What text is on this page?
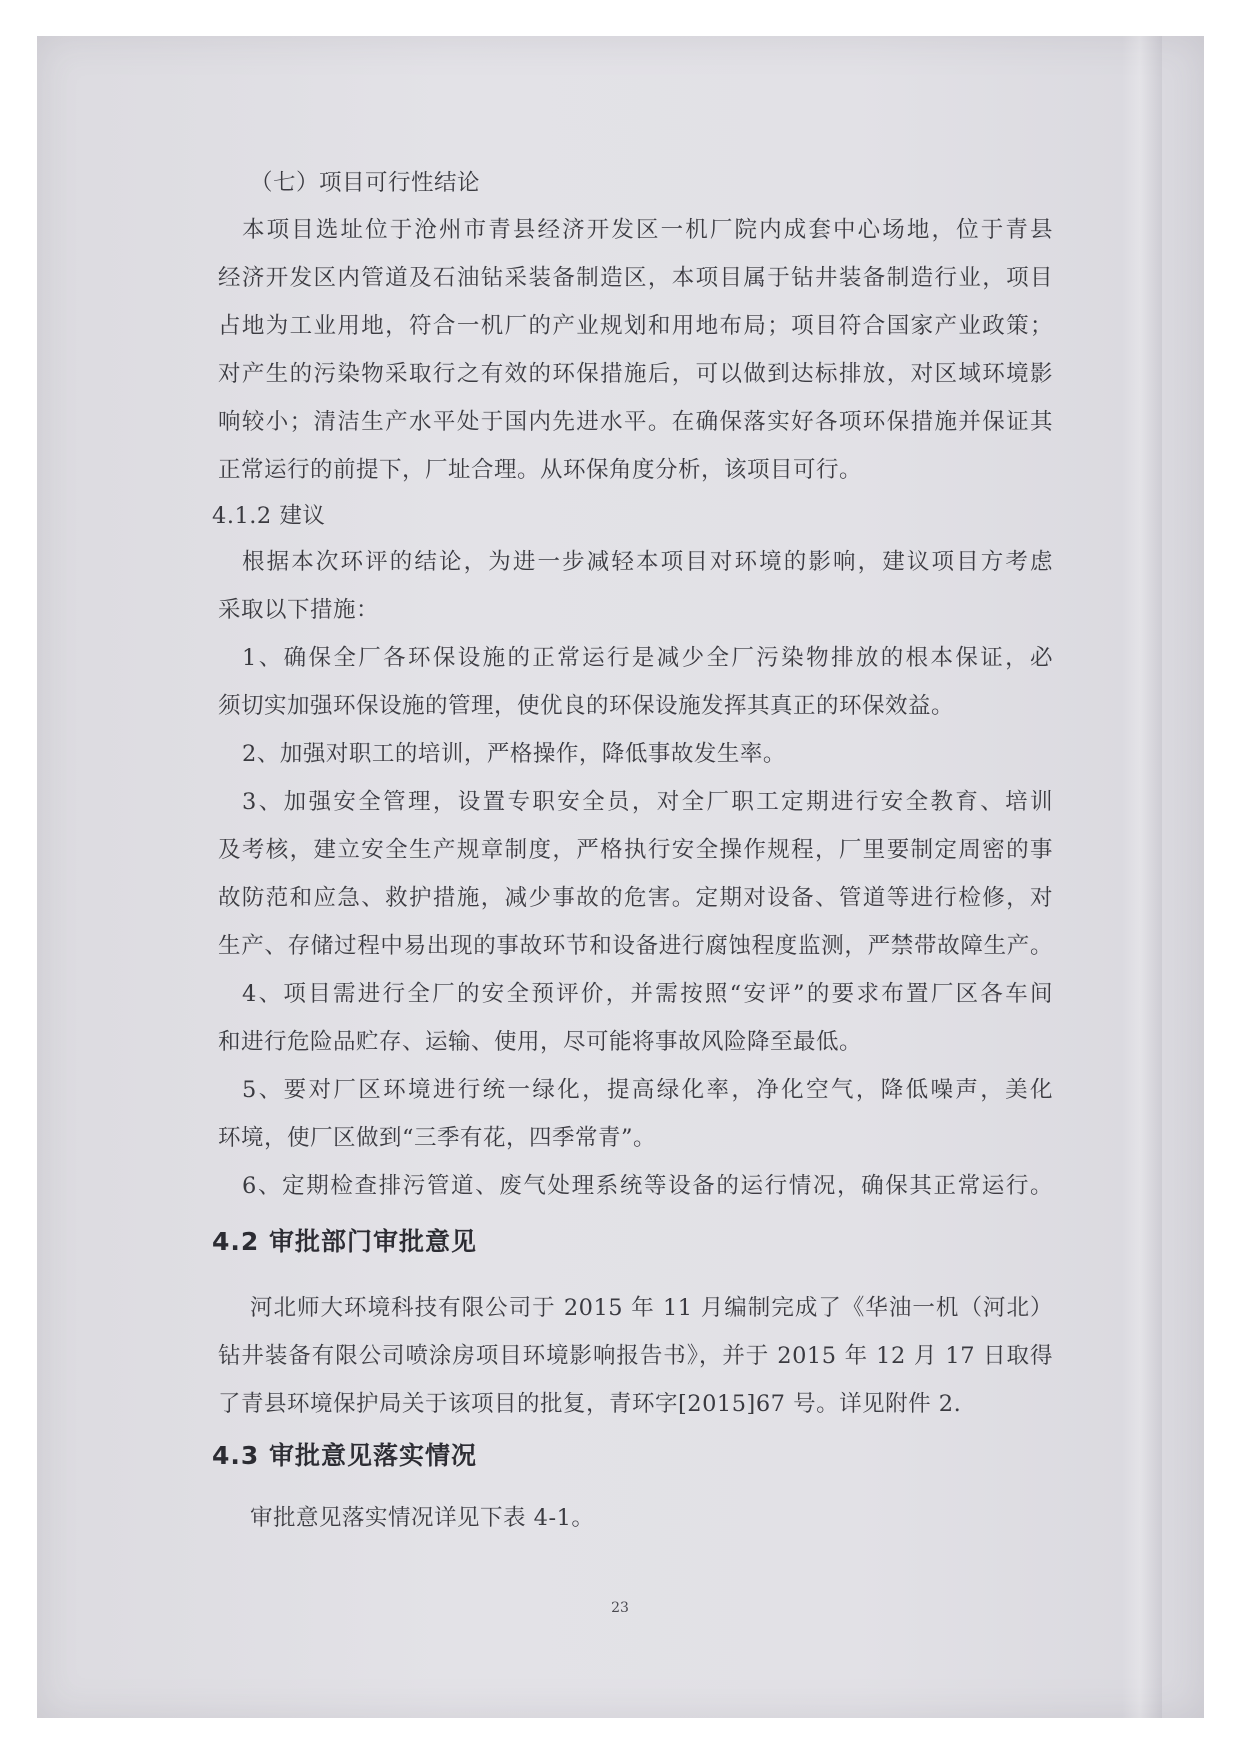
（七）项目可行性结论
本项目选址位于沧州市青县经济开发区一机厂院内成套中心场地，位于青县
经济开发区内管道及石油钻采装备制造区，本项目属于钻井装备制造行业，项目
占地为工业用地，符合一机厂的产业规划和用地布局；项目符合国家产业政策；
对产生的污染物采取行之有效的环保措施后，可以做到达标排放，对区域环境影
响较小；清洁生产水平处于国内先进水平。在确保落实好各项环保措施并保证其
正常运行的前提下，厂址合理。从环保角度分析，该项目可行。
4.1.2 建议
根据本次环评的结论，为进一步减轻本项目对环境的影响，建议项目方考虑
采取以下措施：
1、确保全厂各环保设施的正常运行是减少全厂污染物排放的根本保证，必
须切实加强环保设施的管理，使优良的环保设施发挥其真正的环保效益。
2、加强对职工的培训，严格操作，降低事故发生率。
3、加强安全管理，设置专职安全员，对全厂职工定期进行安全教育、培训
及考核，建立安全生产规章制度，严格执行安全操作规程，厂里要制定周密的事
故防范和应急、救护措施，减少事故的危害。定期对设备、管道等进行检修，对
生产、存储过程中易出现的事故环节和设备进行腐蚀程度监测，严禁带故障生产。
4、项目需进行全厂的安全预评价，并需按照“安评”的要求布置厂区各车间
和进行危险品贮存、运输、使用，尽可能将事故风险降至最低。
5、要对厂区环境进行统一绿化，提高绿化率，净化空气，降低噪声，美化
环境，使厂区做到“三季有花，四季常青”。
6、定期检查排污管道、废气处理系统等设备的运行情况，确保其正常运行。
4.2 审批部门审批意见
河北师大环境科技有限公司于 2015 年 11 月编制完成了《华油一机（河北）
钻井装备有限公司喷涂房项目环境影响报告书》，并于 2015 年 12 月 17 日取得
了青县环境保护局关于该项目的批复，青环字[2015]67 号。详见附件 2.
4.3 审批意见落实情况
审批意见落实情况详见下表 4-1。
23
